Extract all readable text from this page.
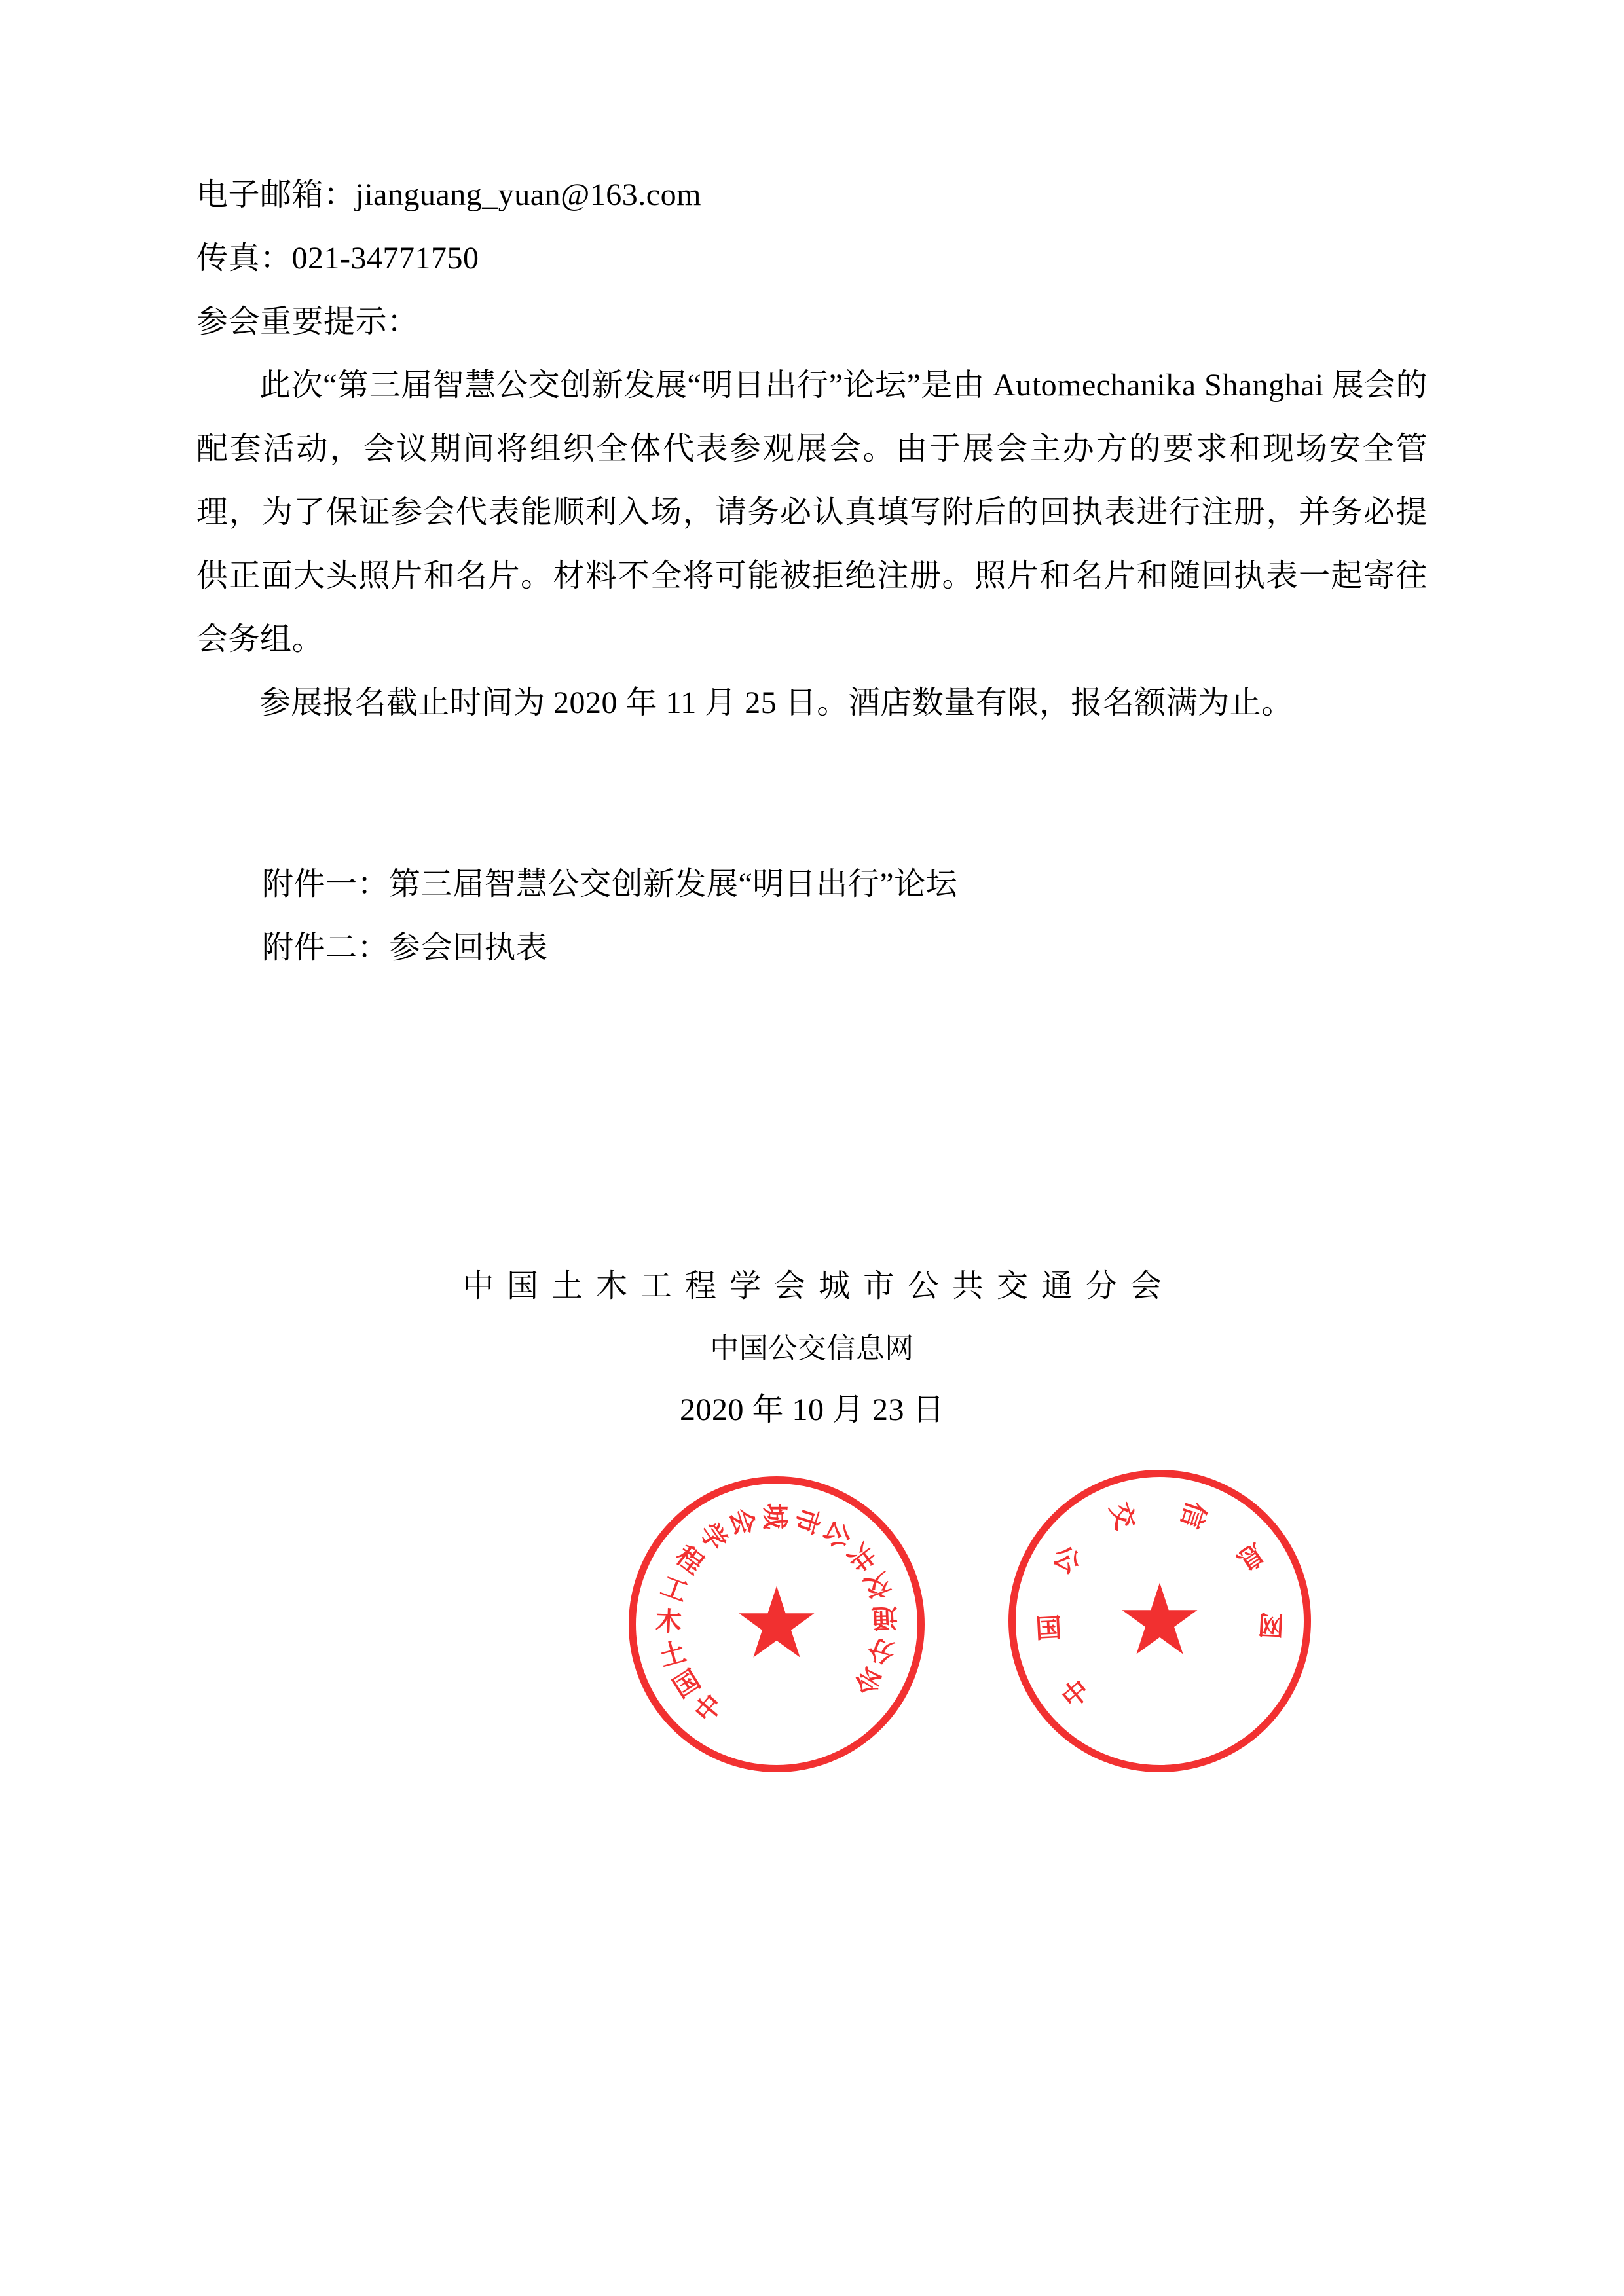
电子邮箱：jianguang_yuan@163.com

传真：021-34771750

参会重要提示：

此次“第三届智慧公交创新发展“明日出行”论坛”是由 Automechanika Shanghai 展会的配套活动，会议期间将组织全体代表参观展会。由于展会主办方的要求和现场安全管理，为了保证参会代表能顺利入场，请务必认真填写附后的回执表进行注册，并务必提供正面大头照片和名片。材料不全将可能被拒绝注册。照片和名片和随回执表一起寄往会务组。

参展报名截止时间为 2020 年 11 月 25 日。酒店数量有限，报名额满为止。

附件一：第三届智慧公交创新发展“明日出行”论坛

附件二：参会回执表

中国土木工程学会城市公共交通分会
中国公交信息网
2020 年 10 月 23 日
中
国
土
木
工
程
学
会
城
市
公
共
交
通
分
会
★
中
国
公
交 信
息
网
★
